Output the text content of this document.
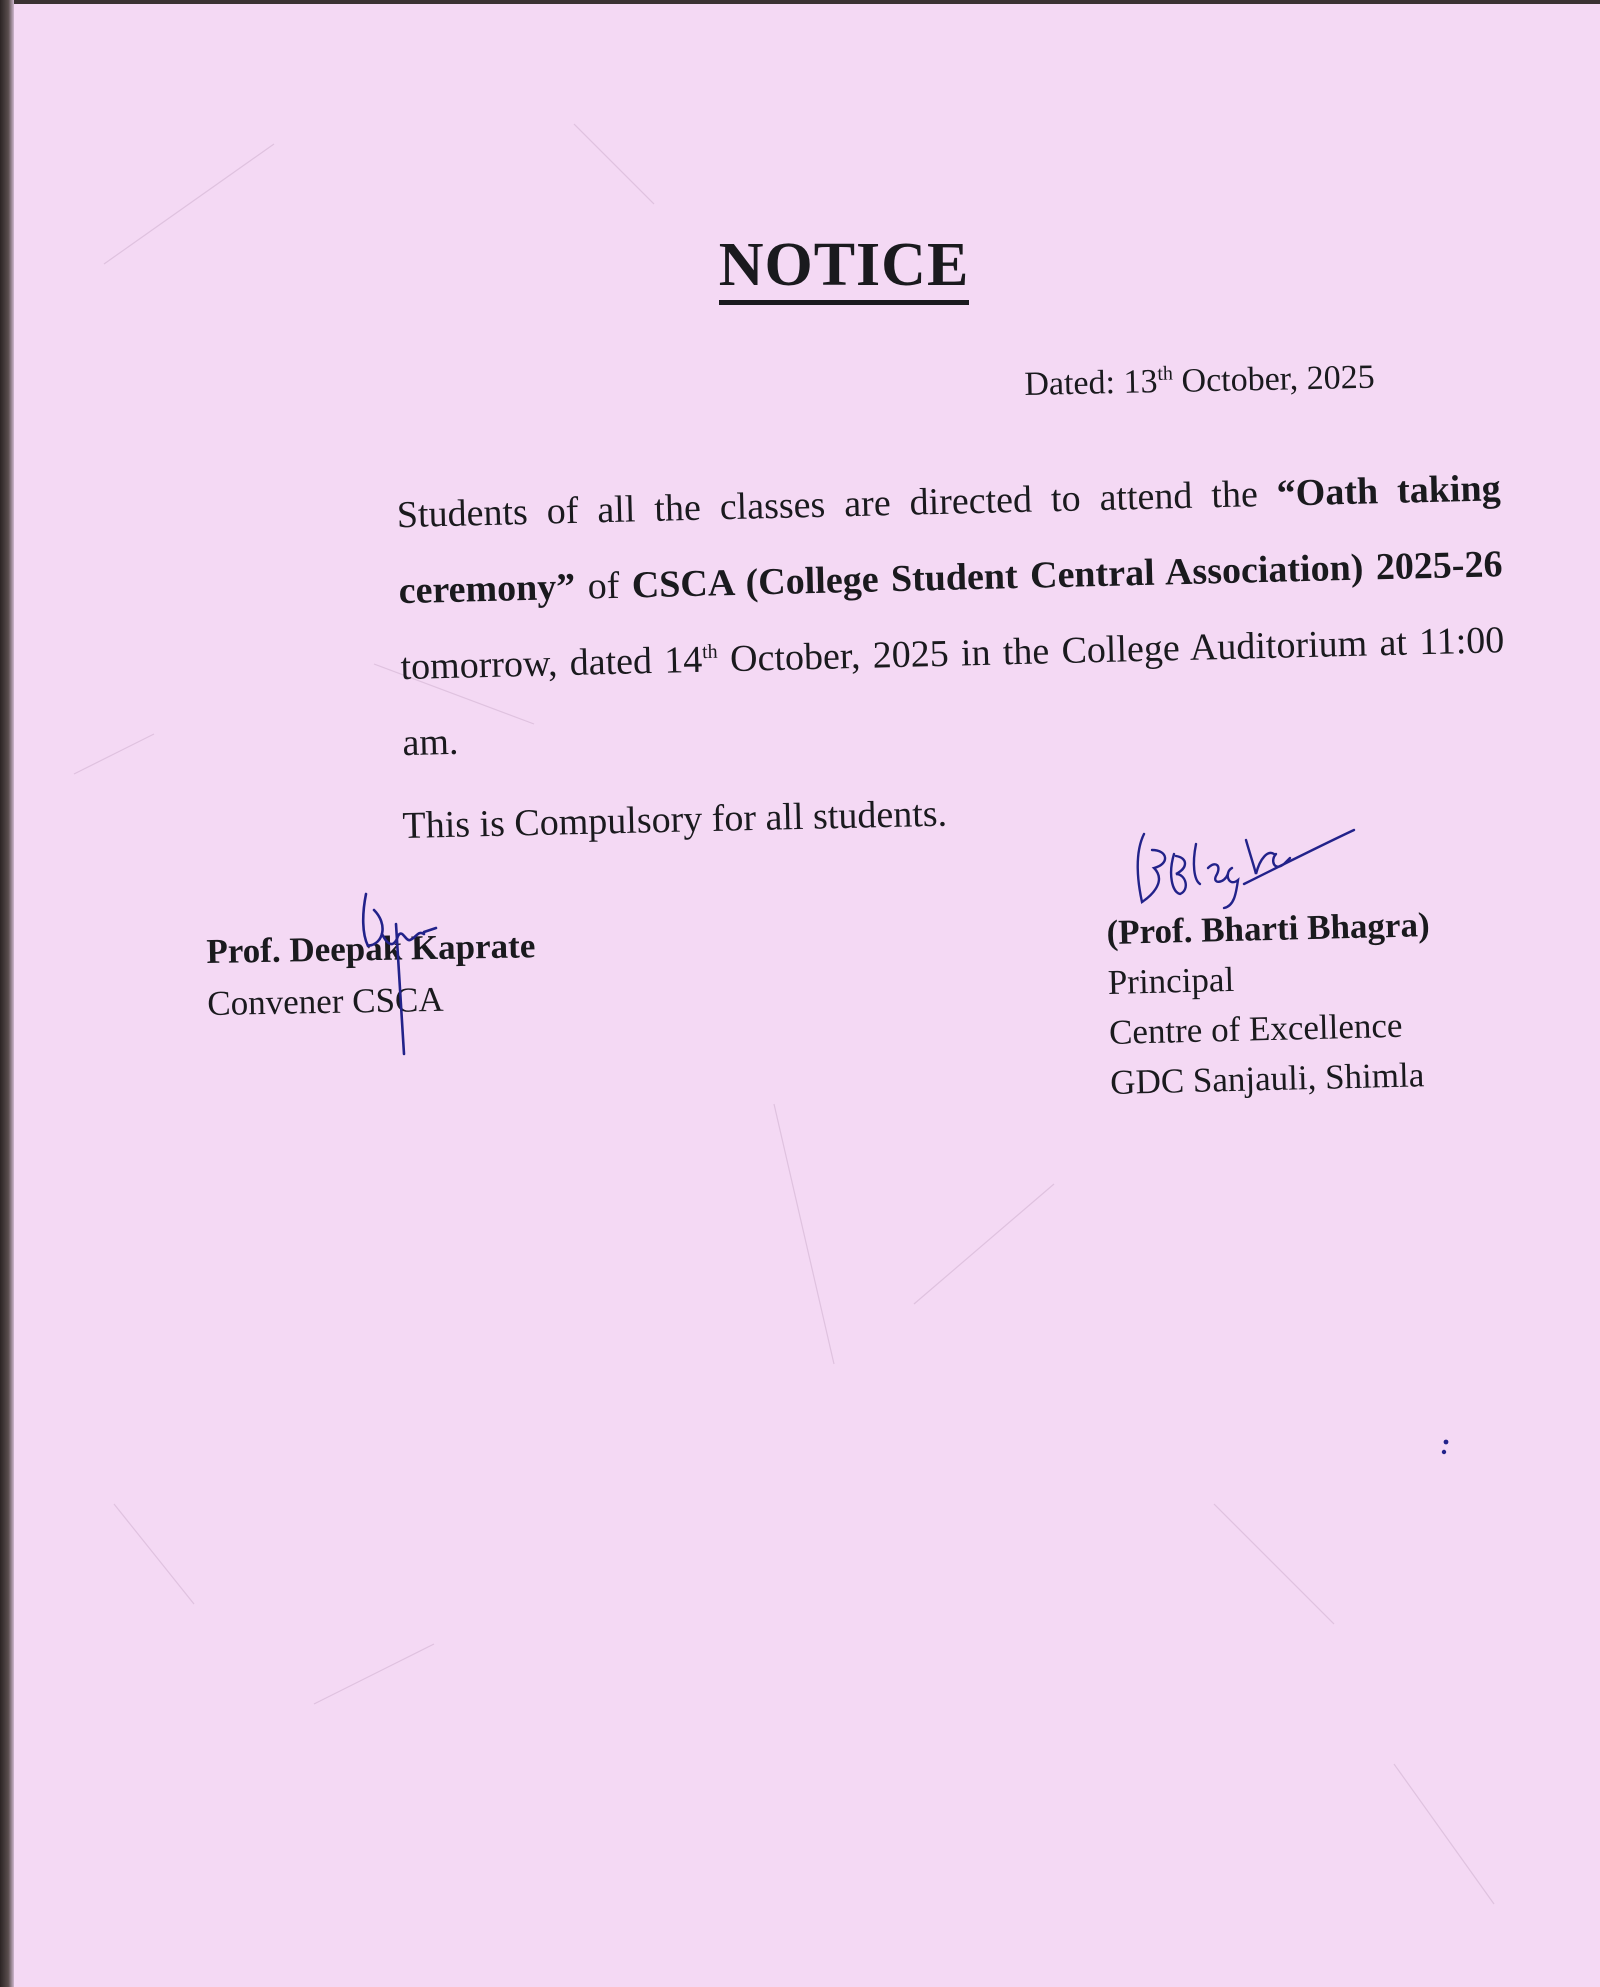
NOTICE
Dated: 13th October, 2025

Students of all the classes are directed to attend the “Oath taking ceremony” of CSCA (College Student Central Association) 2025-26 tomorrow, dated 14th October, 2025 in the College Auditorium at 11:00 am.

This is Compulsory for all students.
Prof. Deepak Kaprate
Convener CSCA
(Prof. Bharti Bhagra)
Principal
Centre of Excellence
GDC Sanjauli, Shimla
